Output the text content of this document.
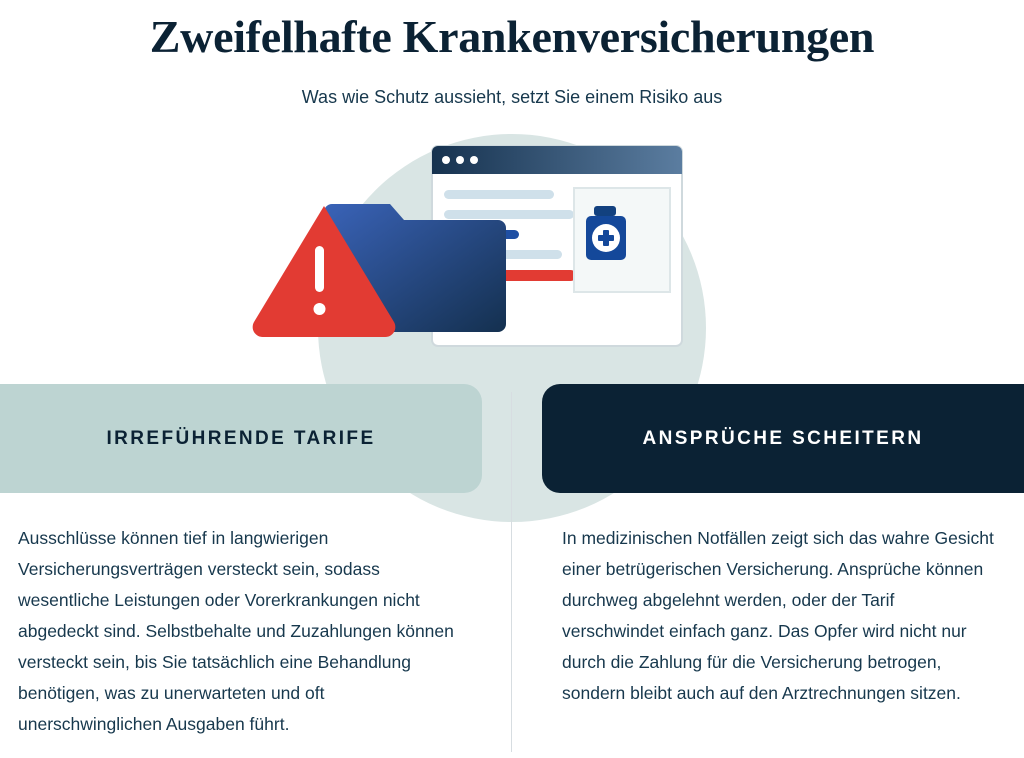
Zweifelhafte Krankenversicherungen

Was wie Schutz aussieht, setzt Sie einem Risiko aus

IRREFÜHRENDE TARIFE

Ausschlüsse können tief in langwierigen Versicherungsverträgen versteckt sein, sodass wesentliche Leistungen oder Vorerkrankungen nicht abgedeckt sind. Selbstbehalte und Zuzahlungen können versteckt sein, bis Sie tatsächlich eine Behandlung benötigen, was zu unerwarteten und oft unerschwinglichen Ausgaben führt.

ANSPRÜCHE SCHEITERN

In medizinischen Notfällen zeigt sich das wahre Gesicht einer betrügerischen Versicherung. Ansprüche können durchweg abgelehnt werden, oder der Tarif verschwindet einfach ganz. Das Opfer wird nicht nur durch die Zahlung für die Versicherung betrogen, sondern bleibt auch auf den Arztrechnungen sitzen.
